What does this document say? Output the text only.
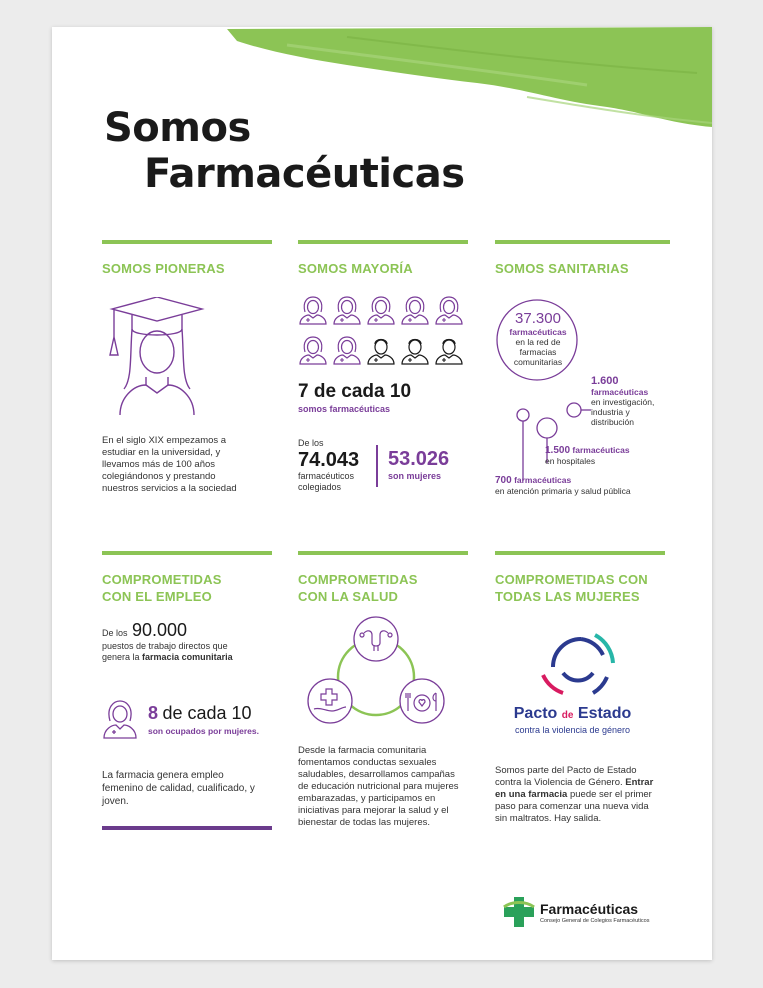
Somos
Farmacéuticas
SOMOS PIONERAS
En el siglo XIX empezamos a estudiar en la universidad, y llevamos más de 100 años colegiándonos y prestando nuestros servicios a la sociedad
SOMOS MAYORÍA
7 de cada 10
somos farmacéuticas
De los
74.043
farmacéuticos colegiados
53.026
son mujeres
SOMOS SANITARIAS
37.300
farmacéuticas
en la red de farmacias comunitarias
1.600
farmacéuticas
en investigación, industria y distribución
1.500 farmacéuticas
en hospitales
700 farmacéuticas
en atención primaria y salud pública
COMPROMETIDAS
CON EL EMPLEO
De los 90.000
puestos de trabajo directos que genera la farmacia comunitaria
8 de cada 10
son ocupados por mujeres.
La farmacia genera empleo femenino de calidad, cualificado, y joven.
COMPROMETIDAS
CON LA SALUD
Desde la farmacia comunitaria fomentamos conductas sexuales saludables, desarrollamos campañas de educación nutricional para mujeres embarazadas, y participamos en iniciativas para mejorar la salud y el bienestar de todas las mujeres.
COMPROMETIDAS CON
TODAS LAS MUJERES
Pacto de Estado
contra la violencia de género
Somos parte del Pacto de Estado contra la Violencia de Género. Entrar en una farmacia puede ser el primer paso para comenzar una nueva vida sin maltratos. Hay salida.
Farmacéuticas
Consejo General de Colegios Farmacéuticos
